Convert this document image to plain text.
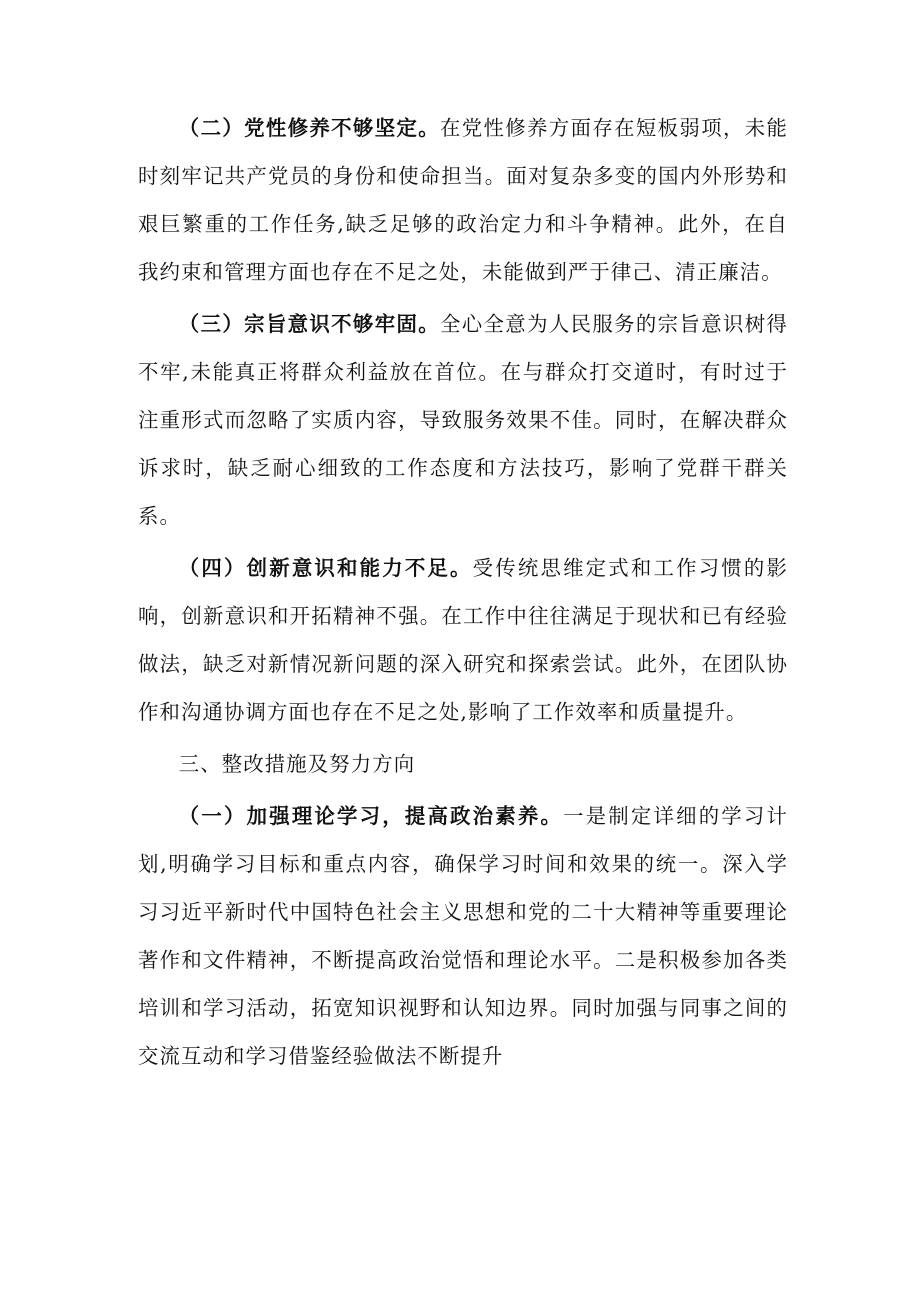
（二）党性修养不够坚定。在党性修养方面存在短板弱项，未能时刻牢记共产党员的身份和使命担当。面对复杂多变的国内外形势和艰巨繁重的工作任务,缺乏足够的政治定力和斗争精神。此外，在自我约束和管理方面也存在不足之处，未能做到严于律己、清正廉洁。

（三）宗旨意识不够牢固。全心全意为人民服务的宗旨意识树得不牢,未能真正将群众利益放在首位。在与群众打交道时，有时过于注重形式而忽略了实质内容，导致服务效果不佳。同时，在解决群众诉求时，缺乏耐心细致的工作态度和方法技巧，影响了党群干群关系。

（四）创新意识和能力不足。受传统思维定式和工作习惯的影响，创新意识和开拓精神不强。在工作中往往满足于现状和已有经验做法，缺乏对新情况新问题的深入研究和探索尝试。此外，在团队协作和沟通协调方面也存在不足之处,影响了工作效率和质量提升。

三、整改措施及努力方向

（一）加强理论学习，提高政治素养。一是制定详细的学习计划,明确学习目标和重点内容，确保学习时间和效果的统一。深入学习习近平新时代中国特色社会主义思想和党的二十大精神等重要理论著作和文件精神，不断提高政治觉悟和理论水平。二是积极参加各类培训和学习活动，拓宽知识视野和认知边界。同时加强与同事之间的交流互动和学习借鉴经验做法不断提升
